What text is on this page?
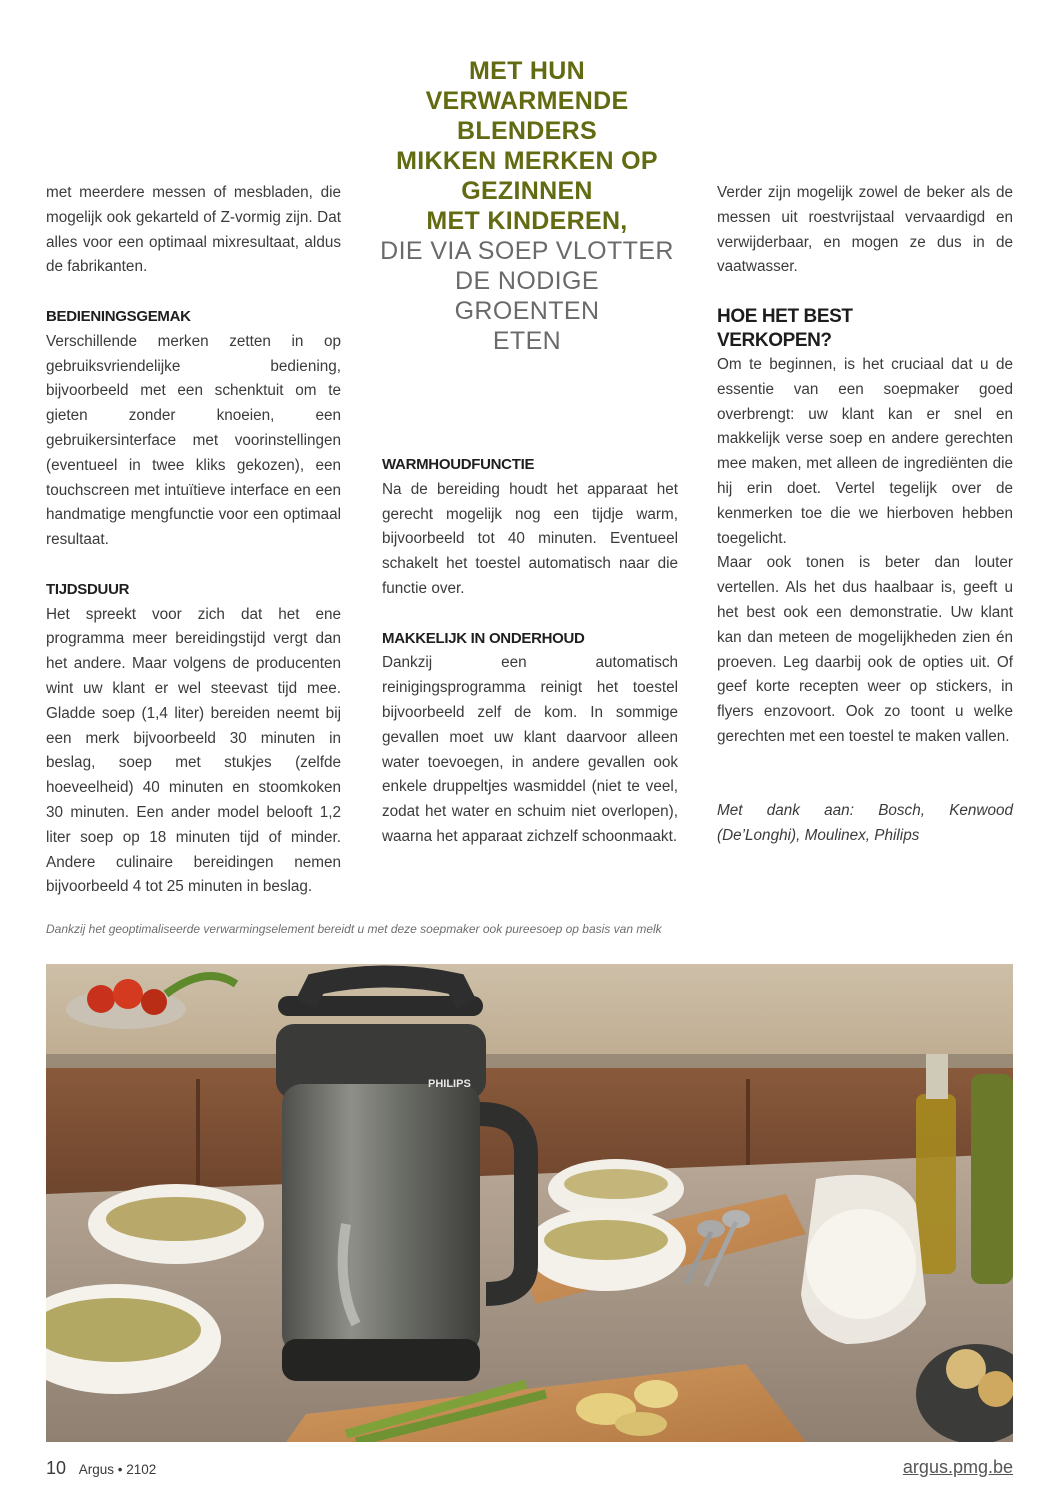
MET HUN
VERWARMENDE
BLENDERS
MIKKEN MERKEN OP
GEZINNEN
MET KINDEREN,
DIE VIA SOEP VLOTTER
DE NODIGE
GROENTEN
ETEN

met meerdere messen of mesbladen, die mogelijk ook gekarteld of Z-vormig zijn. Dat alles voor een optimaal mixresultaat, aldus de fabrikanten.

BEDIENINGSGEMAK

Verschillende merken zetten in op gebruiksvriendelijke bediening, bijvoorbeeld met een schenktuit om te gieten zonder knoeien, een gebruikersinterface met voorinstellingen (eventueel in twee kliks gekozen), een touchscreen met intuïtieve interface en een handmatige mengfunctie voor een optimaal resultaat.

TIJDSDUUR

Het spreekt voor zich dat het ene programma meer bereidingstijd vergt dan het andere. Maar volgens de producenten wint uw klant er wel steevast tijd mee. Gladde soep (1,4 liter) bereiden neemt bij een merk bijvoorbeeld 30 minuten in beslag, soep met stukjes (zelfde hoeveelheid) 40 minuten en stoomkoken 30 minuten. Een ander model belooft 1,2 liter soep op 18 minuten tijd of minder. Andere culinaire bereidingen nemen bijvoorbeeld 4 tot 25 minuten in beslag.

WARMHOUDFUNCTIE

Na de bereiding houdt het apparaat het gerecht mogelijk nog een tijdje warm, bijvoorbeeld tot 40 minuten. Eventueel schakelt het toestel automatisch naar die functie over.

MAKKELIJK IN ONDERHOUD

Dankzij een automatisch reinigingsprogramma reinigt het toestel bijvoorbeeld zelf de kom. In sommige gevallen moet uw klant daarvoor alleen water toevoegen, in andere gevallen ook enkele druppeltjes wasmiddel (niet te veel, zodat het water en schuim niet overlopen), waarna het apparaat zichzelf schoonmaakt.

Verder zijn mogelijk zowel de beker als de messen uit roestvrijstaal vervaardigd en verwijderbaar, en mogen ze dus in de vaatwasser.

HOE HET BEST
VERKOPEN?

Om te beginnen, is het cruciaal dat u de essentie van een soepmaker goed overbrengt: uw klant kan er snel en makkelijk verse soep en andere gerechten mee maken, met alleen de ingrediënten die hij erin doet. Vertel tegelijk over de kenmerken toe die we hierboven hebben toegelicht.

Maar ook tonen is beter dan louter vertellen. Als het dus haalbaar is, geeft u het best ook een demonstratie. Uw klant kan dan meteen de mogelijkheden zien én proeven. Leg daarbij ook de opties uit. Of geef korte recepten weer op stickers, in flyers enzovoort. Ook zo toont u welke gerechten met een toestel te maken vallen.

Met dank aan: Bosch, Kenwood (De’Longhi), Moulinex, Philips

Dankzij het geoptimaliseerde verwarmingselement bereidt u met deze soepmaker ook pureesoep op basis van melk
PHILIPS
10 Argus • 2102	argus.pmg.be
